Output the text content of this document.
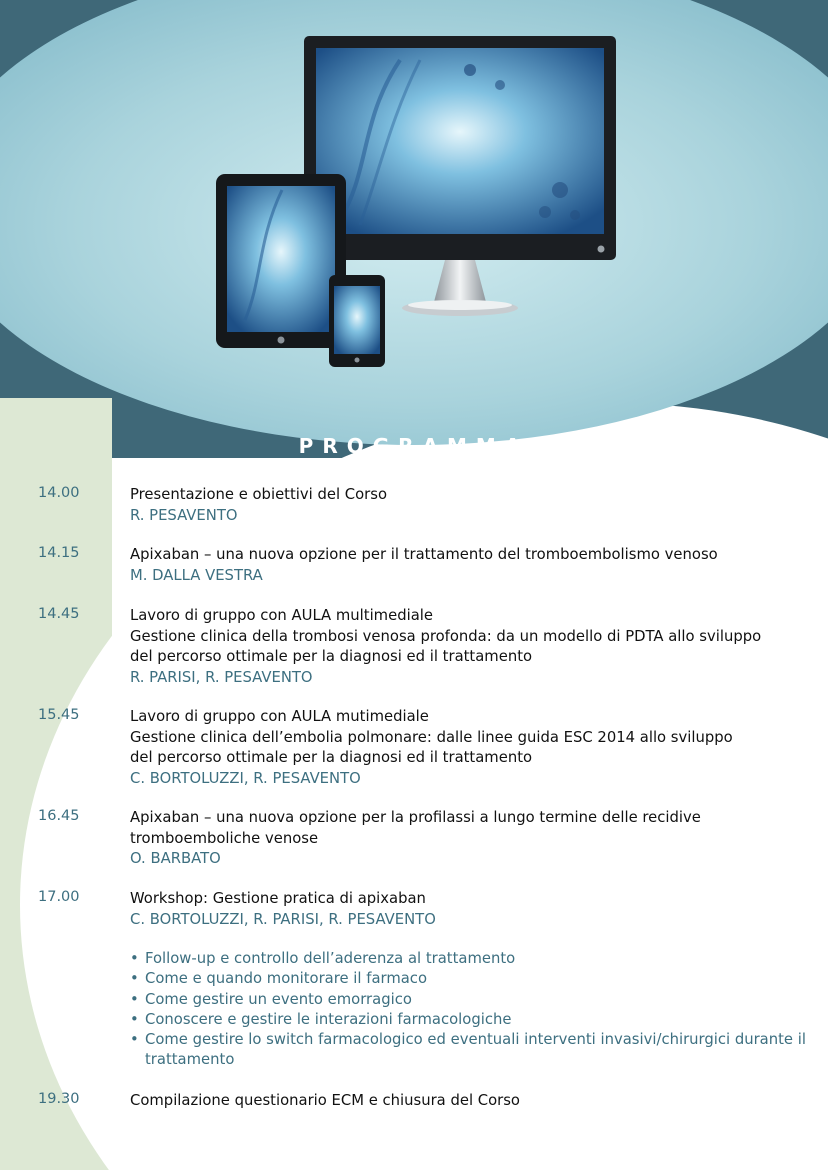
PROGRAMMA
14.00	Presentazione e obiettivi del Corso
R. PESAVENTO
14.15	Apixaban – una nuova opzione per il trattamento del tromboembolismo venoso
M. DALLA VESTRA
14.45	Lavoro di gruppo con AULA multimediale
Gestione clinica della trombosi venosa profonda: da un modello di PDTA allo sviluppo
del percorso ottimale per la diagnosi ed il trattamento
R. PARISI, R. PESAVENTO
15.45	Lavoro di gruppo con AULA mutimediale
Gestione clinica dell’embolia polmonare: dalle linee guida ESC 2014 allo sviluppo
del percorso ottimale per la diagnosi ed il trattamento
C. BORTOLUZZI, R. PESAVENTO
16.45	Apixaban – una nuova opzione per la profilassi a lungo termine delle recidive
tromboemboliche venose
O. BARBATO
17.00	Workshop: Gestione pratica di apixaban
C. BORTOLUZZI, R. PARISI, R. PESAVENTO
• Follow-up e controllo dell’aderenza al trattamento
• Come e quando monitorare il farmaco
• Come gestire un evento emorragico
• Conoscere e gestire le interazioni farmacologiche
• Come gestire lo switch farmacologico ed eventuali interventi invasivi/chirurgici durante il trattamento
19.30	Compilazione questionario ECM e chiusura del Corso
